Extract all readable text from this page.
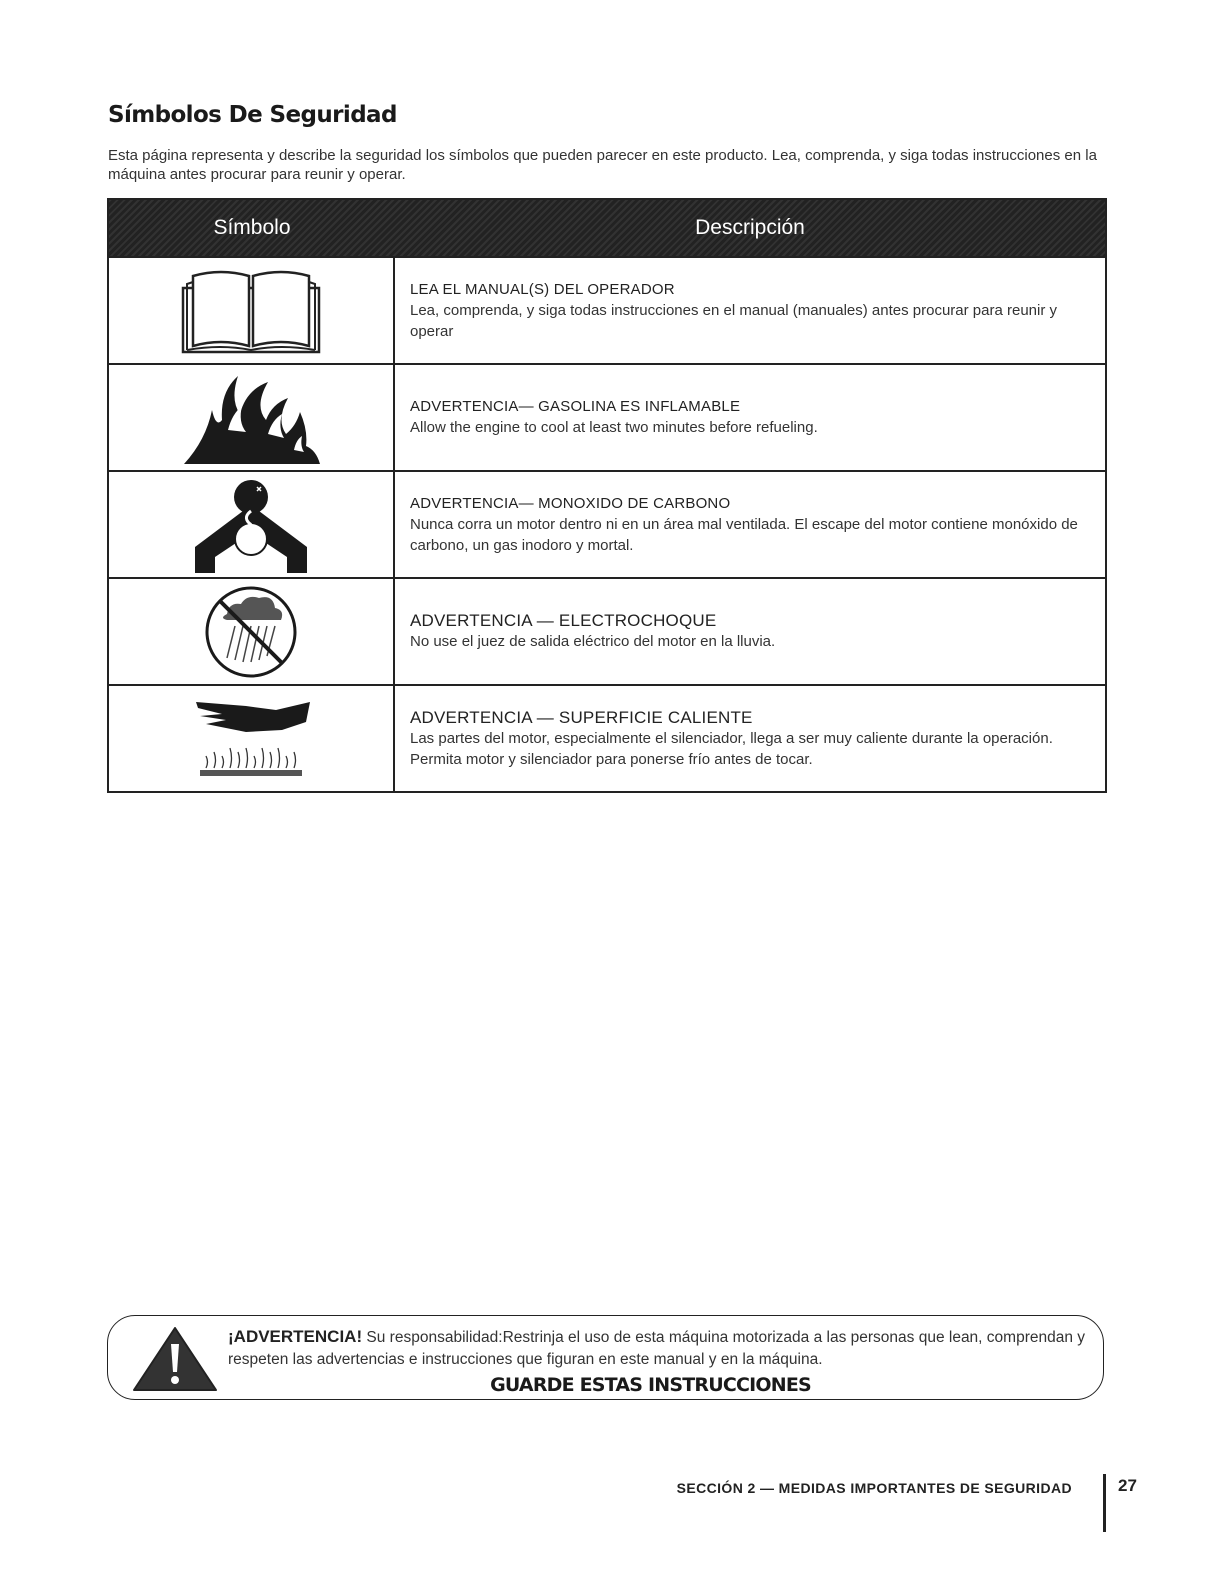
Símbolos De Seguridad
Esta página representa y describe la seguridad los símbolos que pueden parecer en este producto. Lea, comprenda, y siga todas instrucciones en la máquina antes procurar para reunir y operar.
Símbolo	Descripción
LEA EL MANUAL(S) DEL OPERADOR
Lea, comprenda, y siga todas instrucciones en el manual (manuales) antes procurar para reunir y operar
ADVERTENCIA— GASOLINA ES INFLAMABLE
Allow the engine to cool at least two minutes before refueling.
ADVERTENCIA— MONOXIDO DE CARBONO
Nunca corra un motor dentro ni en un área mal ventilada. El escape del motor contiene monóxido de carbono, un gas inodoro y mortal.
ADVERTENCIA — ELECTROCHOQUE
No use el juez de salida eléctrico del motor en la lluvia.
ADVERTENCIA — SUPERFICIE CALIENTE
Las partes del motor, especialmente el silenciador, llega a ser muy caliente durante la operación. Permita motor y silenciador para ponerse frío antes de tocar.
¡ADVERTENCIA! Su responsabilidad:Restrinja el uso de esta máquina motorizada a las personas que lean, comprendan y respeten las advertencias e instrucciones que figuran en este manual y en la máquina.
GUARDE ESTAS INSTRUCCIONES
SECCIÓN 2 — MEDIDAS IMPORTANTES DE SEGURIDAD	27
